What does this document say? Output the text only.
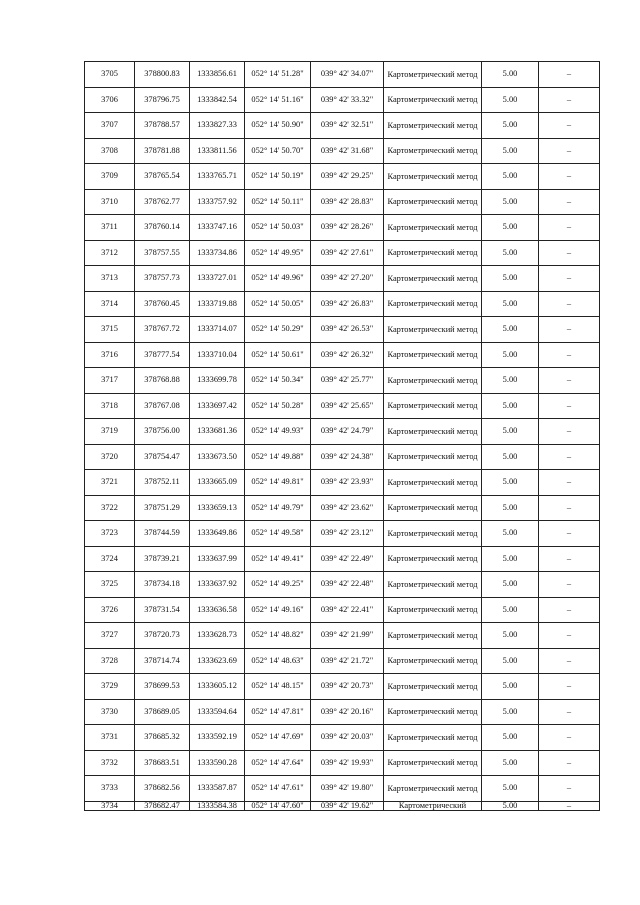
3705	378800.83	1333856.61	052° 14' 51.28"	039° 42' 34.07"	Картометрический метод	5.00	–
3706	378796.75	1333842.54	052° 14' 51.16"	039° 42' 33.32"	Картометрический метод	5.00	–
3707	378788.57	1333827.33	052° 14' 50.90"	039° 42' 32.51"	Картометрический метод	5.00	–
3708	378781.88	1333811.56	052° 14' 50.70"	039° 42' 31.68"	Картометрический метод	5.00	–
3709	378765.54	1333765.71	052° 14' 50.19"	039° 42' 29.25"	Картометрический метод	5.00	–
3710	378762.77	1333757.92	052° 14' 50.11"	039° 42' 28.83"	Картометрический метод	5.00	–
3711	378760.14	1333747.16	052° 14' 50.03"	039° 42' 28.26"	Картометрический метод	5.00	–
3712	378757.55	1333734.86	052° 14' 49.95"	039° 42' 27.61"	Картометрический метод	5.00	–
3713	378757.73	1333727.01	052° 14' 49.96"	039° 42' 27.20"	Картометрический метод	5.00	–
3714	378760.45	1333719.88	052° 14' 50.05"	039° 42' 26.83"	Картометрический метод	5.00	–
3715	378767.72	1333714.07	052° 14' 50.29"	039° 42' 26.53"	Картометрический метод	5.00	–
3716	378777.54	1333710.04	052° 14' 50.61"	039° 42' 26.32"	Картометрический метод	5.00	–
3717	378768.88	1333699.78	052° 14' 50.34"	039° 42' 25.77"	Картометрический метод	5.00	–
3718	378767.08	1333697.42	052° 14' 50.28"	039° 42' 25.65"	Картометрический метод	5.00	–
3719	378756.00	1333681.36	052° 14' 49.93"	039° 42' 24.79"	Картометрический метод	5.00	–
3720	378754.47	1333673.50	052° 14' 49.88"	039° 42' 24.38"	Картометрический метод	5.00	–
3721	378752.11	1333665.09	052° 14' 49.81"	039° 42' 23.93"	Картометрический метод	5.00	–
3722	378751.29	1333659.13	052° 14' 49.79"	039° 42' 23.62"	Картометрический метод	5.00	–
3723	378744.59	1333649.86	052° 14' 49.58"	039° 42' 23.12"	Картометрический метод	5.00	–
3724	378739.21	1333637.99	052° 14' 49.41"	039° 42' 22.49"	Картометрический метод	5.00	–
3725	378734.18	1333637.92	052° 14' 49.25"	039° 42' 22.48"	Картометрический метод	5.00	–
3726	378731.54	1333636.58	052° 14' 49.16"	039° 42' 22.41"	Картометрический метод	5.00	–
3727	378720.73	1333628.73	052° 14' 48.82"	039° 42' 21.99"	Картометрический метод	5.00	–
3728	378714.74	1333623.69	052° 14' 48.63"	039° 42' 21.72"	Картометрический метод	5.00	–
3729	378699.53	1333605.12	052° 14' 48.15"	039° 42' 20.73"	Картометрический метод	5.00	–
3730	378689.05	1333594.64	052° 14' 47.81"	039° 42' 20.16"	Картометрический метод	5.00	–
3731	378685.32	1333592.19	052° 14' 47.69"	039° 42' 20.03"	Картометрический метод	5.00	–
3732	378683.51	1333590.28	052° 14' 47.64"	039° 42' 19.93"	Картометрический метод	5.00	–
3733	378682.56	1333587.87	052° 14' 47.61"	039° 42' 19.80"	Картометрический метод	5.00	–
3734	378682.47	1333584.38	052° 14' 47.60"	039° 42' 19.62"	Картометрический	5.00	–
